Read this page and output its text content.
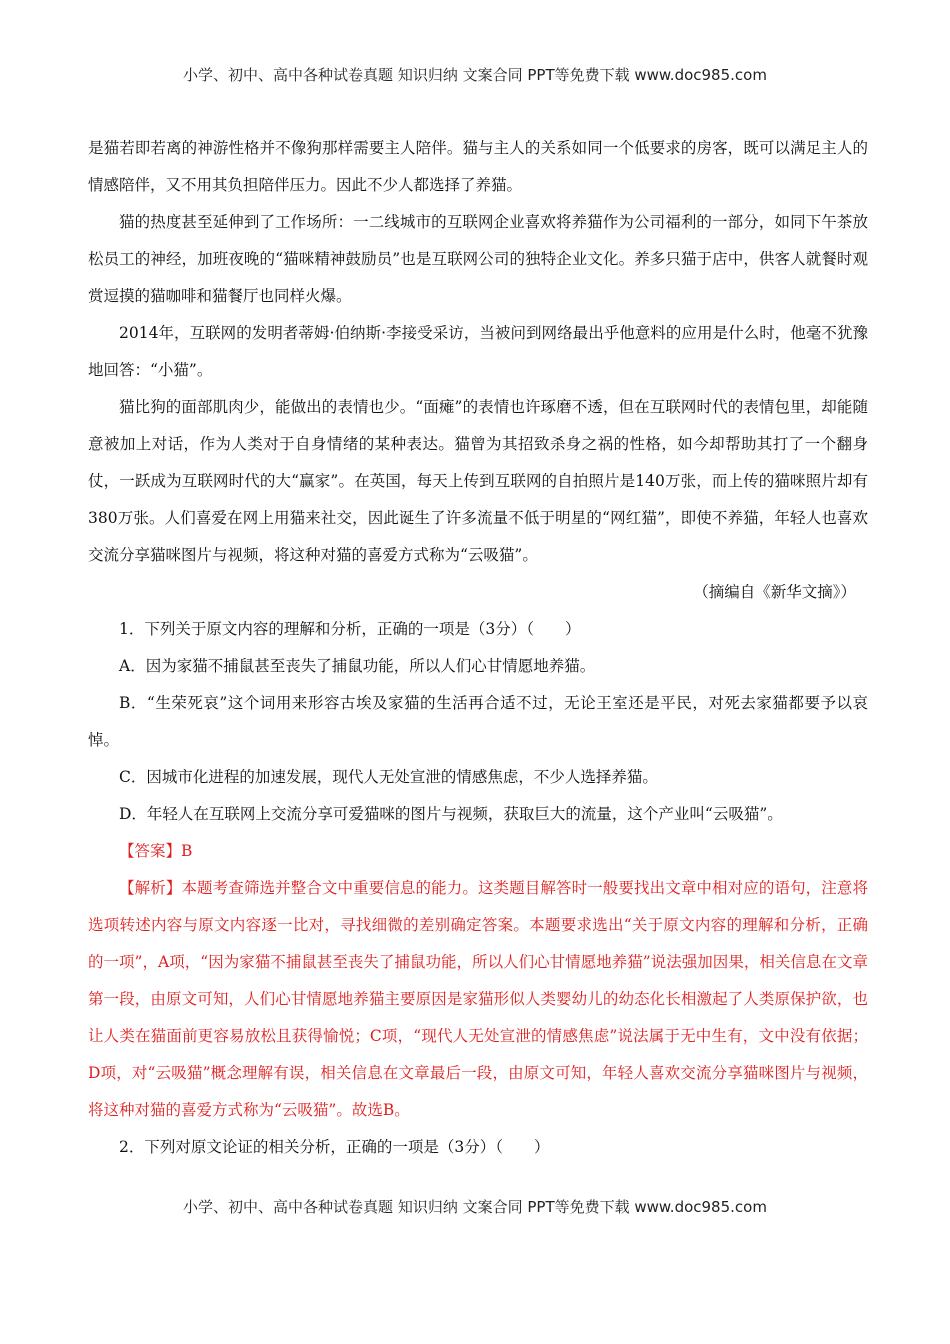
小学、初中、高中各种试卷真题 知识归纳 文案合同 PPT等免费下载 www.doc985.com

是猫若即若离的神游性格并不像狗那样需要主人陪伴。猫与主人的关系如同一个低要求的房客，既可以满足主人的情感陪伴，又不用其负担陪伴压力。因此不少人都选择了养猫。

猫的热度甚至延伸到了工作场所：一二线城市的互联网企业喜欢将养猫作为公司福利的一部分，如同下午茶放松员工的神经，加班夜晚的“猫咪精神鼓励员”也是互联网公司的独特企业文化。养多只猫于店中，供客人就餐时观赏逗摸的猫咖啡和猫餐厅也同样火爆。

2014年，互联网的发明者蒂姆·伯纳斯·李接受采访，当被问到网络最出乎他意料的应用是什么时，他毫不犹豫地回答：“小猫”。

猫比狗的面部肌肉少，能做出的表情也少。“面瘫”的表情也许琢磨不透，但在互联网时代的表情包里，却能随意被加上对话，作为人类对于自身情绪的某种表达。猫曾为其招致杀身之祸的性格，如今却帮助其打了一个翻身仗，一跃成为互联网时代的大“赢家”。在英国，每天上传到互联网的自拍照片是140万张，而上传的猫咪照片却有380万张。人们喜爱在网上用猫来社交，因此诞生了许多流量不低于明星的“网红猫”，即使不养猫，年轻人也喜欢交流分享猫咪图片与视频，将这种对猫的喜爱方式称为“云吸猫”。

（摘编自《新华文摘》）

1．下列关于原文内容的理解和分析，正确的一项是（3分）（　　）

A．因为家猫不捕鼠甚至丧失了捕鼠功能，所以人们心甘情愿地养猫。

B．“生荣死哀”这个词用来形容古埃及家猫的生活再合适不过，无论王室还是平民，对死去家猫都要予以哀悼。

C．因城市化进程的加速发展，现代人无处宣泄的情感焦虑，不少人选择养猫。

D．年轻人在互联网上交流分享可爱猫咪的图片与视频，获取巨大的流量，这个产业叫“云吸猫”。

【答案】B

【解析】本题考查筛选并整合文中重要信息的能力。这类题目解答时一般要找出文章中相对应的语句，注意将选项转述内容与原文内容逐一比对，寻找细微的差别确定答案。本题要求选出“关于原文内容的理解和分析，正确的一项”，A项，“因为家猫不捕鼠甚至丧失了捕鼠功能，所以人们心甘情愿地养猫”说法强加因果，相关信息在文章第一段，由原文可知，人们心甘情愿地养猫主要原因是家猫形似人类婴幼儿的幼态化长相激起了人类原保护欲，也让人类在猫面前更容易放松且获得愉悦；C项，“现代人无处宣泄的情感焦虑”说法属于无中生有，文中没有依据；D项，对“云吸猫”概念理解有误，相关信息在文章最后一段，由原文可知，年轻人喜欢交流分享猫咪图片与视频，将这种对猫的喜爱方式称为“云吸猫”。故选B。

2．下列对原文论证的相关分析，正确的一项是（3分）（　　）

小学、初中、高中各种试卷真题 知识归纳 文案合同 PPT等免费下载 www.doc985.com
